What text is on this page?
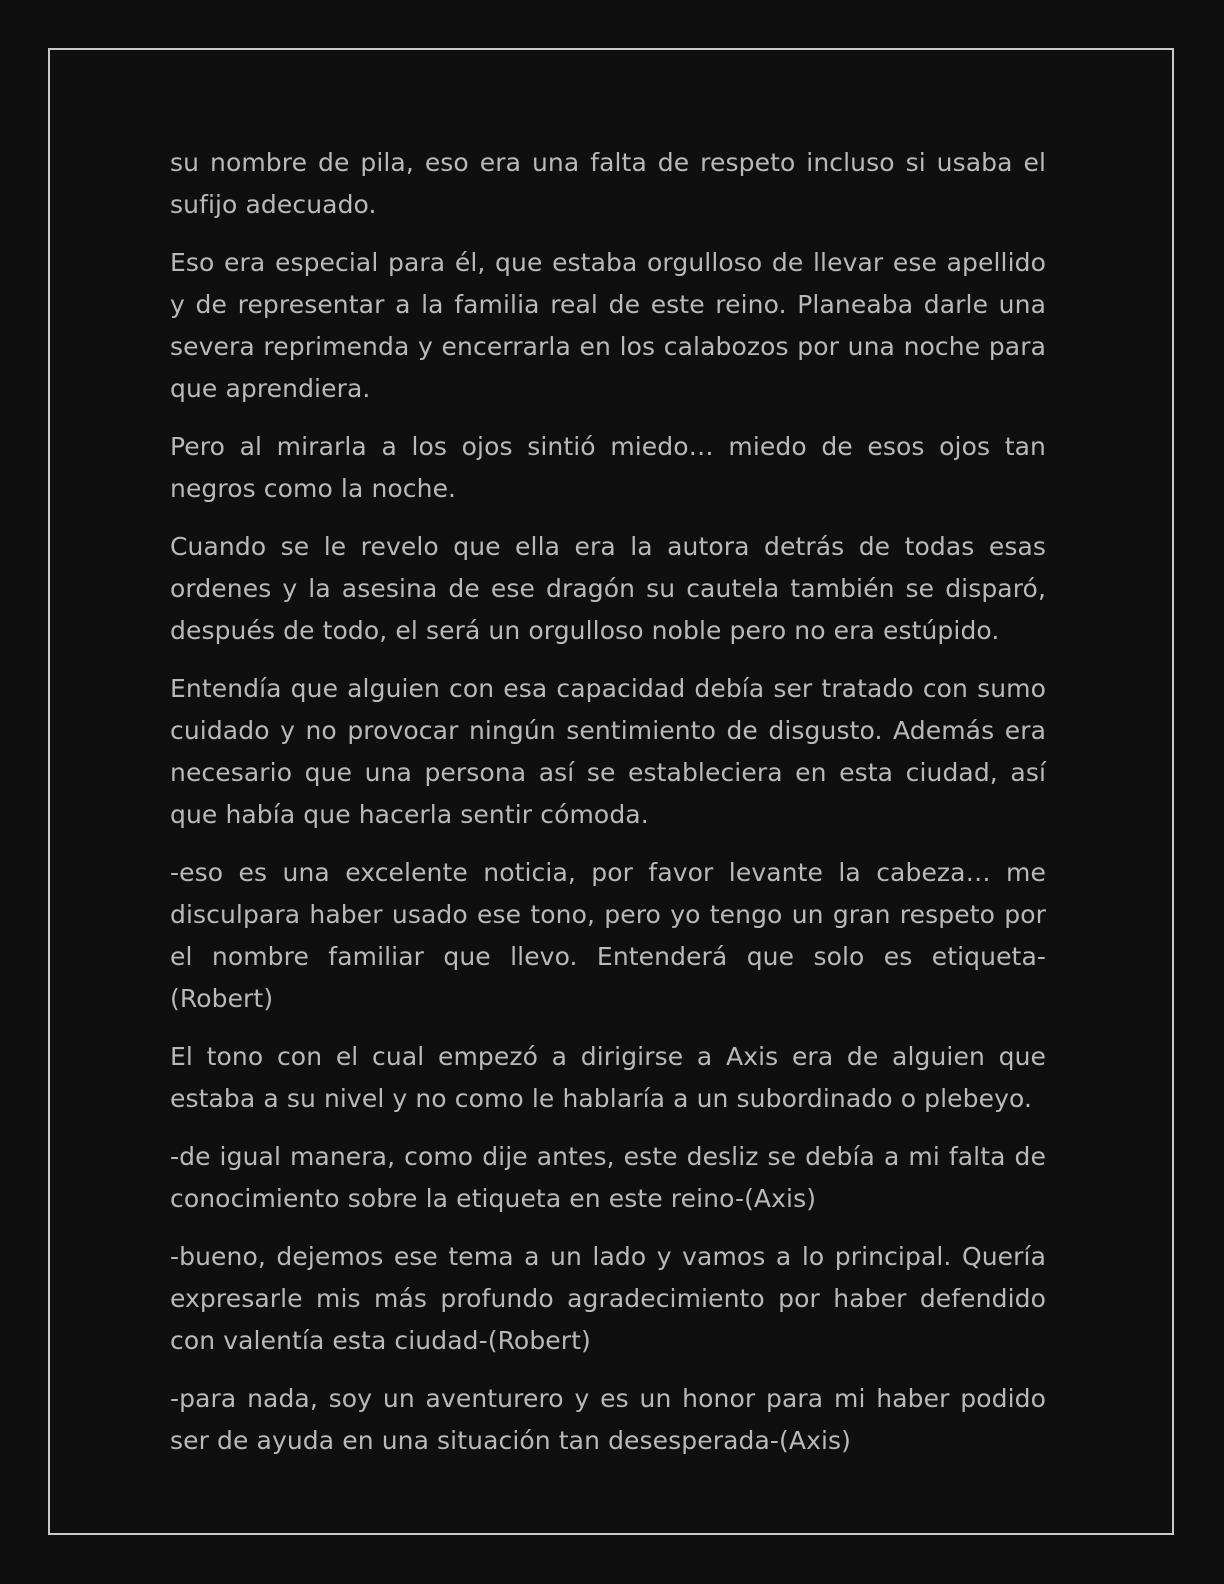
su nombre de pila, eso era una falta de respeto incluso si usaba el sufijo adecuado.

Eso era especial para él, que estaba orgulloso de llevar ese apellido y de representar a la familia real de este reino. Planeaba darle una severa reprimenda y encerrarla en los calabozos por una noche para que aprendiera.

Pero al mirarla a los ojos sintió miedo… miedo de esos ojos tan negros como la noche.

Cuando se le revelo que ella era la autora detrás de todas esas ordenes y la asesina de ese dragón su cautela también se disparó, después de todo, el será un orgulloso noble pero no era estúpido.

Entendía que alguien con esa capacidad debía ser tratado con sumo cuidado y no provocar ningún sentimiento de disgusto. Además era necesario que una persona así se estableciera en esta ciudad, así que había que hacerla sentir cómoda.

-eso es una excelente noticia, por favor levante la cabeza… me disculpara haber usado ese tono, pero yo tengo un gran respeto por el nombre familiar que llevo. Entenderá que solo es etiqueta-(Robert)

El tono con el cual empezó a dirigirse a Axis era de alguien que estaba a su nivel y no como le hablaría a un subordinado o plebeyo.

-de igual manera, como dije antes, este desliz se debía a mi falta de conocimiento sobre la etiqueta en este reino-(Axis)

-bueno, dejemos ese tema a un lado y vamos a lo principal. Quería expresarle mis más profundo agradecimiento por haber defendido con valentía esta ciudad-(Robert)

-para nada, soy un aventurero y es un honor para mi haber podido ser de ayuda en una situación tan desesperada-(Axis)
